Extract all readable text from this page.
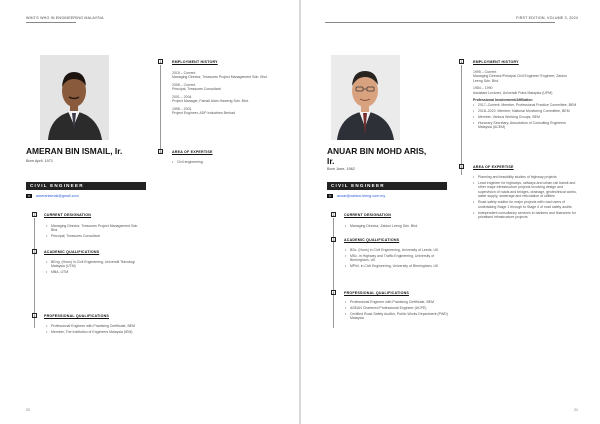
WHO'S WHO IN ENGINEERING MALAYSIA
AMERAN BIN ISMAIL, Ir.
Born April, 1971
CIVIL ENGINEER
✉	ameranisrnail@gmail.com
2	CURRENT DESIGNATION
• Managing Director, Treasures Project Management Sdn. Bhd.
• Principal, Treasures Consultant
3	ACADEMIC QUALIFICATIONS
• BEng. (Hons) in Civil Engineering, Universiti Teknologi Malaysia (UTM)
• MBA, UTM
4	PROFESSIONAL QUALIFICATIONS
• Professional Engineer with Practising Certificate, BEM
• Member, The Institution of Engineers Malaysia (IEM)
1	EMPLOYMENT HISTORY

2015 – Current

Managing Director, Treasures Project Management Sdn. Bhd.

2008 – Current

Principal, Treasures Consultant

2001 – 2004

Project Manager, Famali Alam Haweng Sdn. Bhd.

1998 – 2001

Project Engineer, ADP Industries Berhad

5	AREA OF EXPERTISE
• Civil engineering
20
FIRST EDITION, VOLUME 3, 2024
ANUAR BIN MOHD ARIS,
Ir.
Born June, 1962
CIVIL ENGINEER
✉	anuar@zaidun-leeng.com.my
2	CURRENT DESIGNATION
• Managing Director, Zaidun Leeng Sdn. Bhd.
3	ACADEMIC QUALIFICATIONS
• BSc. (Hons) in Civil Engineering, University of Leeds, UK
• MSc. in Highway and Traffic Engineering, University of Birmingham, UK
• MPhil. in Civil Engineering, University of Birmingham, UK
4	PROFESSIONAL QUALIFICATIONS
• Professional Engineer with Practising Certificate, BEM
• ASEAN Chartered Professional Engineer (ACPE)
• Certified Road Safety Auditor, Public Works Department (PWD) Malaysia
1	EMPLOYMENT HISTORY

1995 – Current

Managing Director/Principal Civil Engineer/ Engineer, Zaidun Leeng Sdn. Bhd.

1984 – 1990

Assistant Lecturer, Universiti Putra Malaysia (UPM)

Professional Involvement/Affiliation

• 2017–Current: Member, Professional Practice Committee, BEM
• 2018–2022: Member, National Monitoring Committee, BEM
• Member, Various Working Groups, BEM
• Honorary Secretary, Association of Consulting Engineers Malaysia (ACEM)
5	AREA OF EXPERTISE
• Planning and feasibility studies of highway projects
• Lead engineer for highways, railways and urban rail transit and other major infrastructure projects involving design and supervision of roads and bridges, drainage, geotechnical works, water supply, sewerage and reticulation of utilities
• Road safety auditor for major projects with road users of undertaking Stage 1 through to Stage 4 of road safety audits
• Independent consultancy services to bankers and financiers for privatised infrastructure projects
21
